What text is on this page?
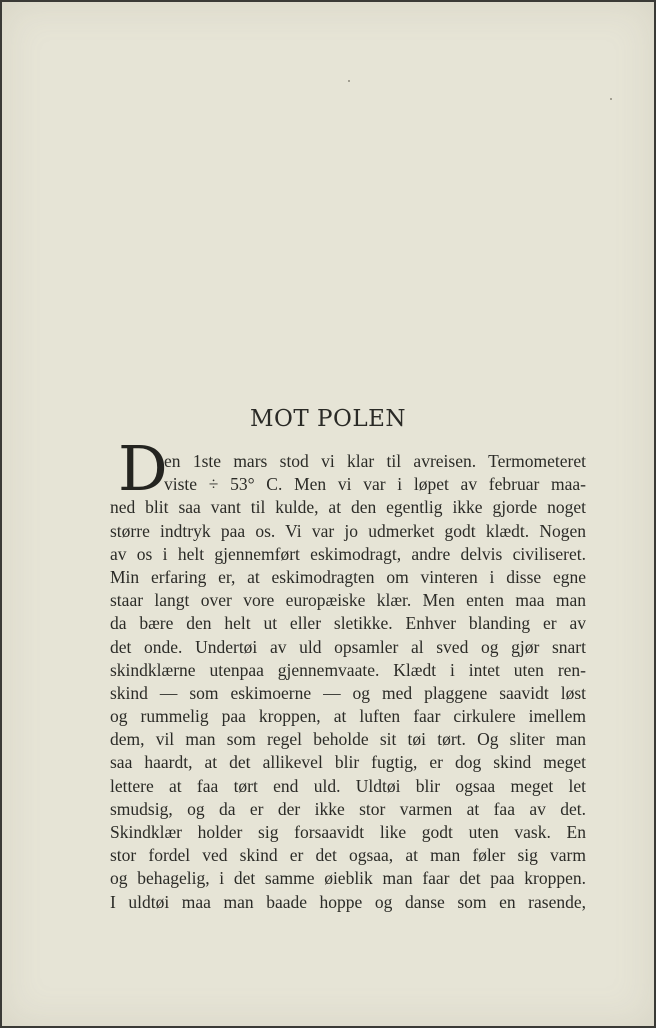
MOT POLEN
D
en 1ste mars stod vi klar til avreisen. Termometeret
viste ÷ 53° C. Men vi var i løpet av februar maa-
ned blit saa vant til kulde, at den egentlig ikke gjorde noget
større indtryk paa os. Vi var jo udmerket godt klædt. Nogen
av os i helt gjennemført eskimodragt, andre delvis civiliseret.
Min erfaring er, at eskimodragten om vinteren i disse egne
staar langt over vore europæiske klær. Men enten maa man
da bære den helt ut eller sletikke. Enhver blanding er av
det onde. Undertøi av uld opsamler al sved og gjør snart
skindklærne utenpaa gjennemvaate. Klædt i intet uten ren-
skind — som eskimoerne — og med plaggene saavidt løst
og rummelig paa kroppen, at luften faar cirkulere imellem
dem, vil man som regel beholde sit tøi tørt. Og sliter man
saa haardt, at det allikevel blir fugtig, er dog skind meget
lettere at faa tørt end uld. Uldtøi blir ogsaa meget let
smudsig, og da er der ikke stor varmen at faa av det.
Skindklær holder sig forsaavidt like godt uten vask. En
stor fordel ved skind er det ogsaa, at man føler sig varm
og behagelig, i det samme øieblik man faar det paa kroppen.
I uldtøi maa man baade hoppe og danse som en rasende,
